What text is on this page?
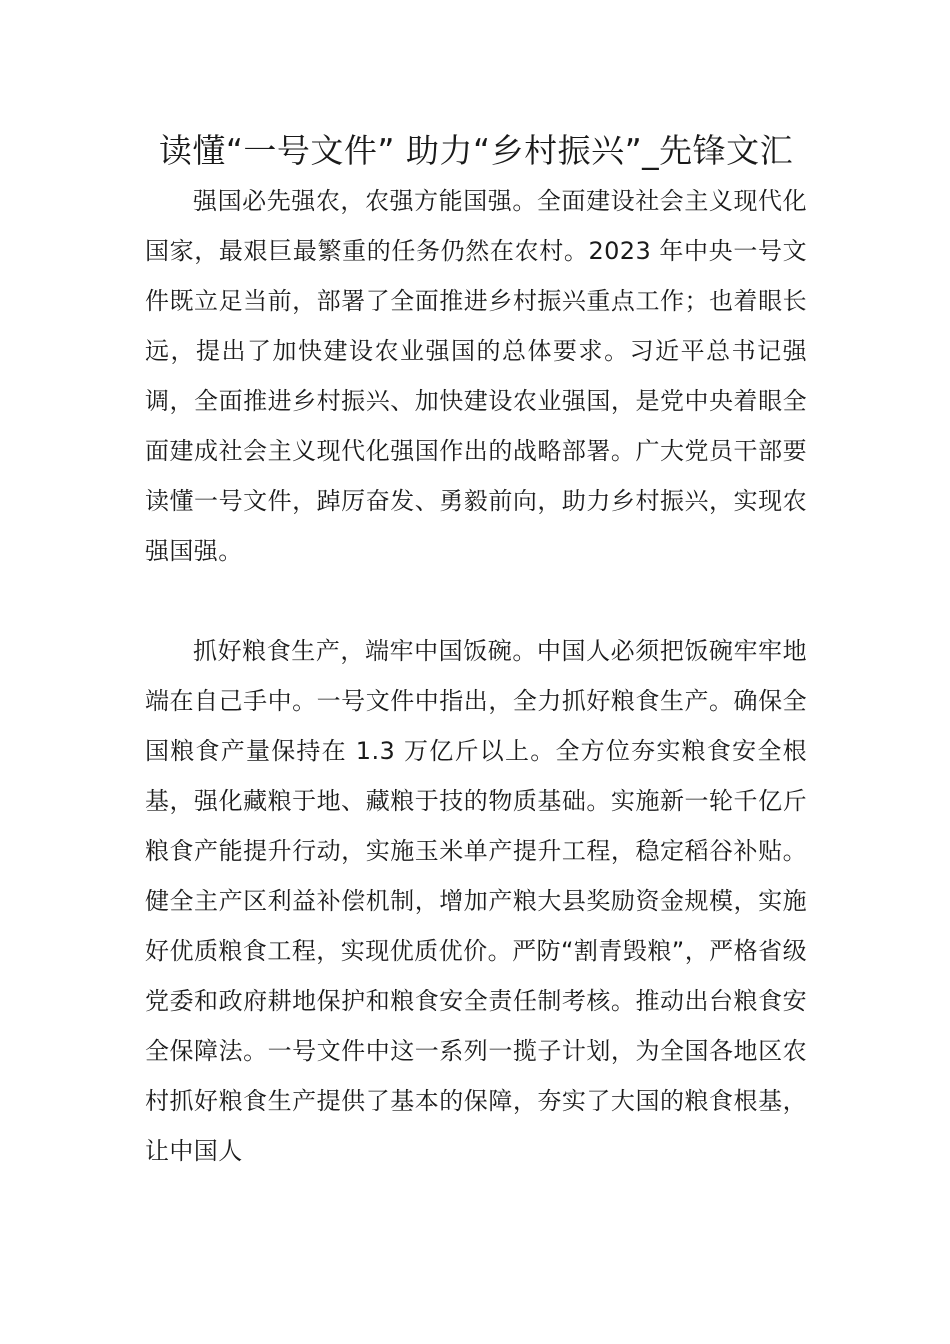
读懂“一号文件” 助力“乡村振兴”_先锋文汇

强国必先强农，农强方能国强。全面建设社会主义现代化国家，最艰巨最繁重的任务仍然在农村。2023 年中央一号文件既立足当前，部署了全面推进乡村振兴重点工作；也着眼长远，提出了加快建设农业强国的总体要求。习近平总书记强调，全面推进乡村振兴、加快建设农业强国，是党中央着眼全面建成社会主义现代化强国作出的战略部署。广大党员干部要读懂一号文件，踔厉奋发、勇毅前向，助力乡村振兴，实现农强国强。

抓好粮食生产，端牢中国饭碗。中国人必须把饭碗牢牢地端在自己手中。一号文件中指出，全力抓好粮食生产。确保全国粮食产量保持在 1.3 万亿斤以上。全方位夯实粮食安全根基，强化藏粮于地、藏粮于技的物质基础。实施新一轮千亿斤粮食产能提升行动，实施玉米单产提升工程，稳定稻谷补贴。健全主产区利益补偿机制，增加产粮大县奖励资金规模，实施好优质粮食工程，实现优质优价。严防“割青毁粮”，严格省级党委和政府耕地保护和粮食安全责任制考核。推动出台粮食安全保障法。一号文件中这一系列一揽子计划，为全国各地区农村抓好粮食生产提供了基本的保障，夯实了大国的粮食根基，让中国人
